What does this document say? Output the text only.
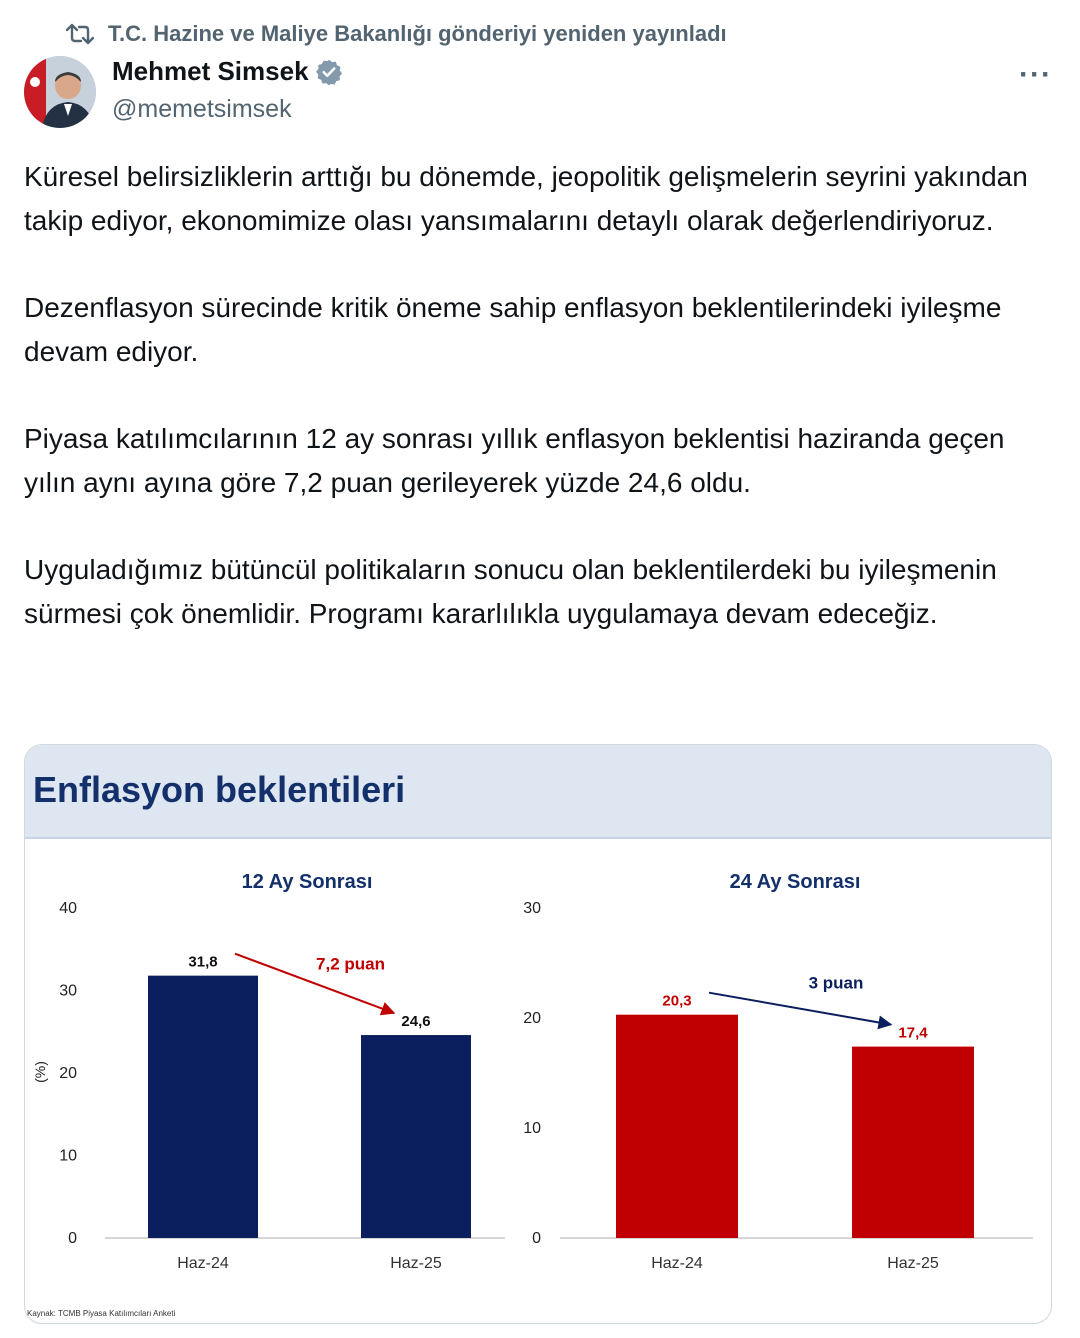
T.C. Hazine ve Maliye Bakanlığı gönderiyi yeniden yayınladı
Mehmet Simsek
@memetsimsek
···

Küresel belirsizliklerin arttığı bu dönemde, jeopolitik gelişmelerin seyrini yakından takip ediyor, ekonomimize olası yansımalarını detaylı olarak değerlendiriyoruz.

Dezenflasyon sürecinde kritik öneme sahip enflasyon beklentilerindeki iyileşme devam ediyor.

Piyasa katılımcılarının 12 ay sonrası yıllık enflasyon beklentisi haziranda geçen yılın aynı ayına göre 7,2 puan gerileyerek yüzde 24,6 oldu.

Uyguladığımız bütüncül politikaların sonucu olan beklentilerdeki bu iyileşmenin sürmesi çok önemlidir. Programı kararlılıkla uygulamaya devam edeceğiz.

Enflasyon beklentileri
12 Ay Sonrası
0
10
20
30
40
(%)
31,8
Haz-24
24,6
Haz-25
7,2 puan
24 Ay Sonrası
0
10
20
30
20,3
Haz-24
17,4
Haz-25
3 puan
Kaynak: TCMB Piyasa Katılımcıları Anketi
